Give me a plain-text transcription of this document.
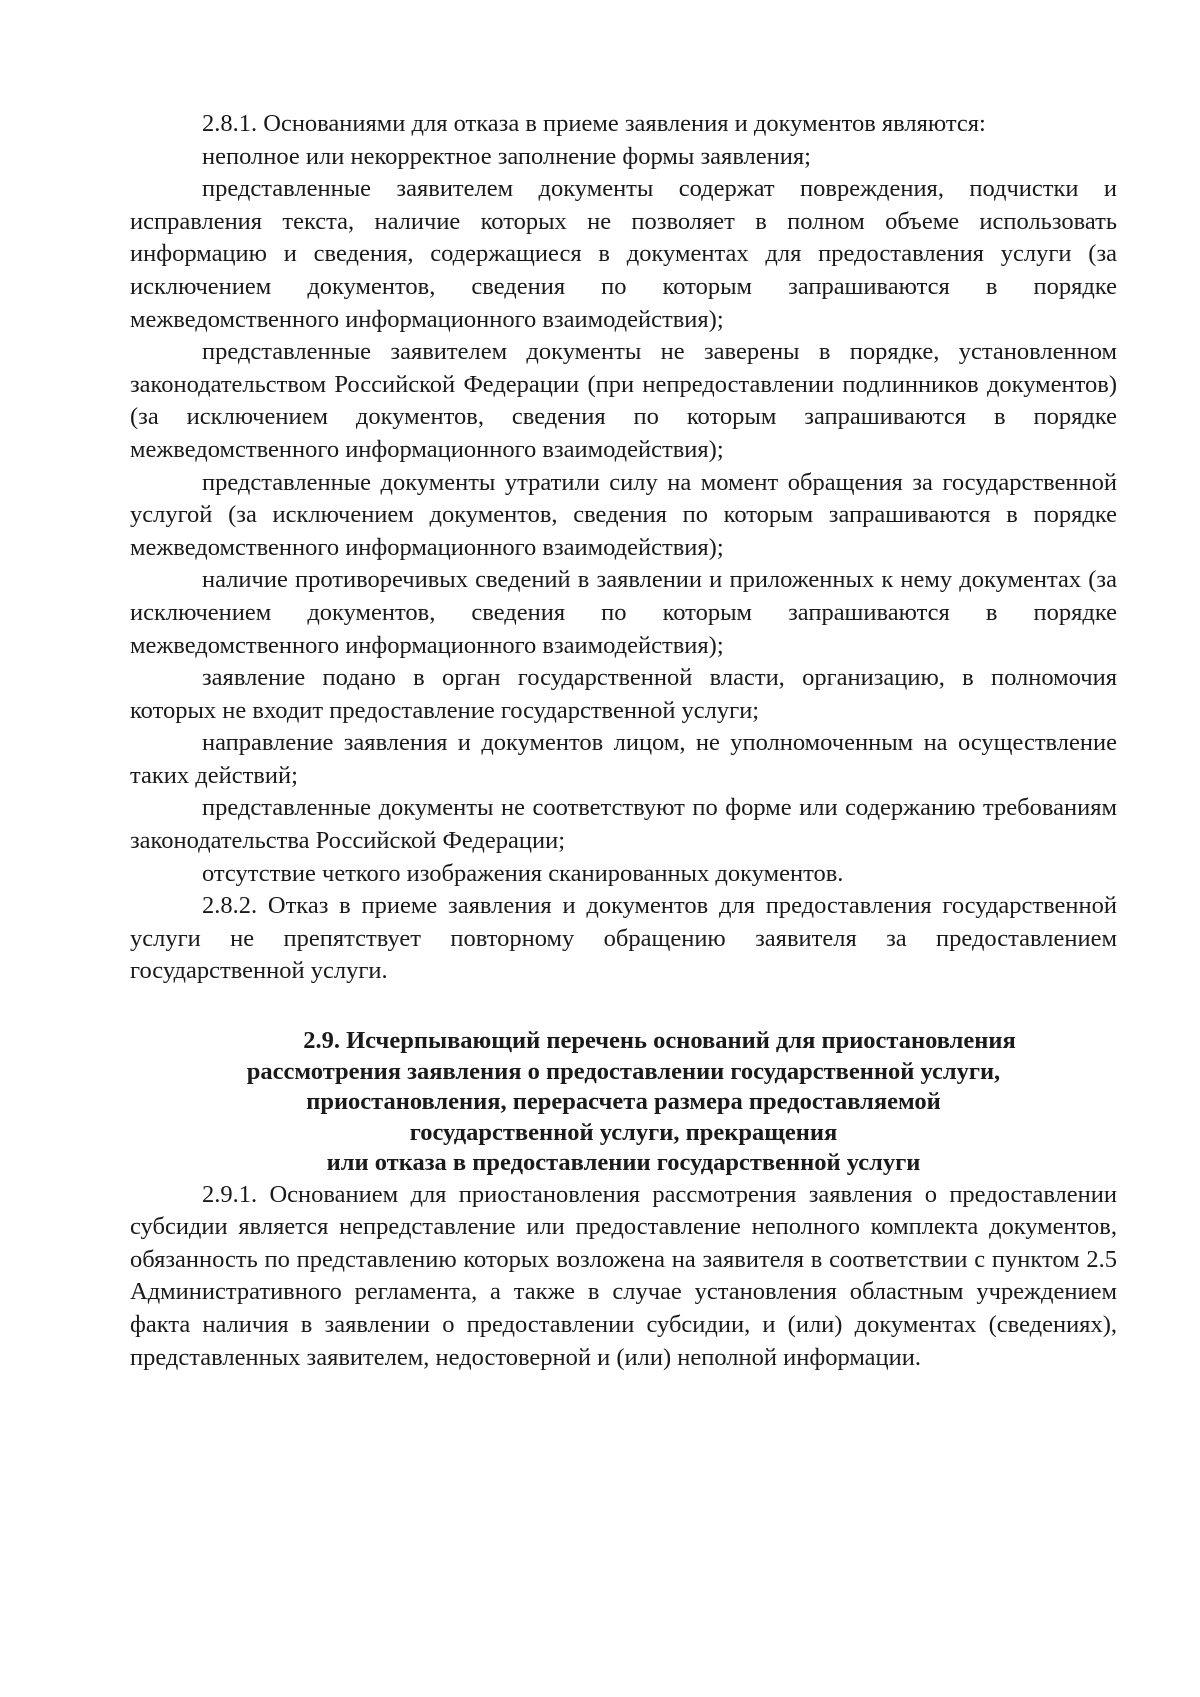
2.8.1. Основаниями для отказа в приеме заявления и документов являются:

неполное или некорректное заполнение формы заявления;

представленные заявителем документы содержат повреждения, подчистки и исправления текста, наличие которых не позволяет в полном объеме использовать информацию и сведения, содержащиеся в документах для предоставления услуги (за исключением документов, сведения по которым запрашиваются в порядке межведомственного информационного взаимодействия);

представленные заявителем документы не заверены в порядке, установленном законодательством Российской Федерации (при непредоставлении подлинников документов) (за исключением документов, сведения по которым запрашиваются в порядке межведомственного информационного взаимодействия);

представленные документы утратили силу на момент обращения за государственной услугой (за исключением документов, сведения по которым запрашиваются в порядке межведомственного информационного взаимодействия);

наличие противоречивых сведений в заявлении и приложенных к нему документах (за исключением документов, сведения по которым запрашиваются в порядке межведомственного информационного взаимодействия);

заявление подано в орган государственной власти, организацию, в полномочия которых не входит предоставление государственной услуги;

направление заявления и документов лицом, не уполномоченным на осуществление таких действий;

представленные документы не соответствуют по форме или содержанию требованиям законодательства Российской Федерации;

отсутствие четкого изображения сканированных документов.

2.8.2. Отказ в приеме заявления и документов для предоставления государственной услуги не препятствует повторному обращению заявителя за предоставлением государственной услуги.

2.9. Исчерпывающий перечень оснований для приостановления
рассмотрения заявления о предоставлении государственной услуги,
приостановления, перерасчета размера предоставляемой
государственной услуги, прекращения
или отказа в предоставлении государственной услуги

2.9.1. Основанием для приостановления рассмотрения заявления о предоставлении субсидии является непредставление или предоставление неполного комплекта документов, обязанность по представлению которых возложена на заявителя в соответствии с пунктом 2.5 Административного регламента, а также в случае установления областным учреждением факта наличия в заявлении о предоставлении субсидии, и (или) документах (сведениях), представленных заявителем, недостоверной и (или) неполной информации.
